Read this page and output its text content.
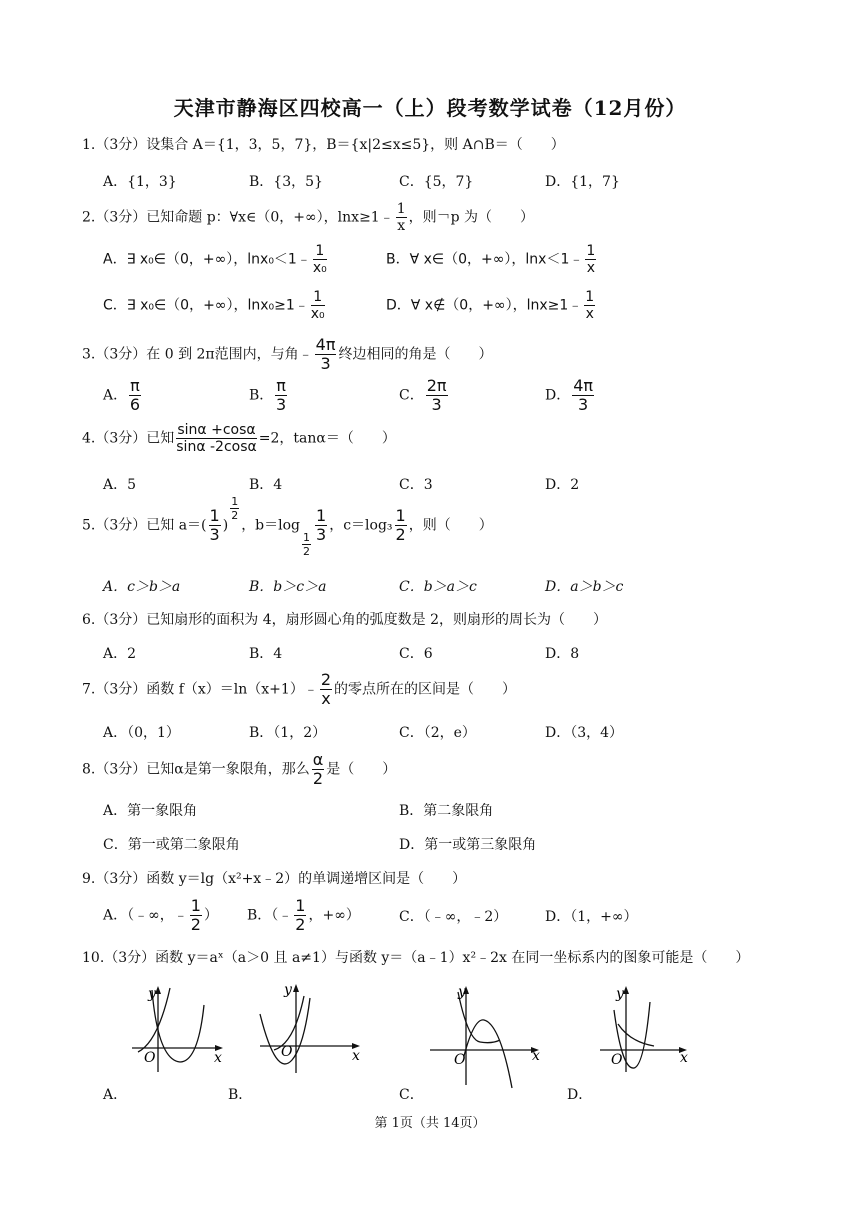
天津市静海区四校高一（上）段考数学试卷（12月份）
1.（3分）设集合 A＝{1，3，5，7}，B＝{x|2≤x≤5}，则 A∩B＝（　　）
A．{1，3}	B．{3，5}	C．{5，7}	D．{1，7}
2.（3分）已知命题 p：∀x∈（0，+∞），lnx≥1﹣ $\frac{1}{x}$ ，则￢p 为（　　）
A．∃ x₀∈（0，+∞），lnx₀＜1﹣ $\frac{1}{\text{x₀}}$	B．∀ x∈（0，+∞），lnx＜1﹣ $\frac{1}{x}$
C．∃ x₀∈（0，+∞），lnx₀≥1﹣ $\frac{1}{\text{x₀}}$	D．∀ x∉（0，+∞），lnx≥1﹣ $\frac{1}{x}$
3.（3分）在 0 到 2π范围内，与角﹣ $\frac{4\pi}{3}$ 终边相同的角是（　　）
A． $\frac{\pi}{6}$	B． $\frac{\pi}{3}$	C． $\frac{2\pi}{3}$	D． $\frac{4\pi}{3}$
4.（3分）已知 $\frac{\sin\alpha +\cos\alpha}{\sin\alpha -2\cos\alpha} =2$，tanα＝（　　）
A．5	B．4	C．3	D．2
5.（3分）已知 $a=( \frac{1}{3}$ )
$\frac{1}{2}$
，b＝log
$\frac{1}{2}$
$\frac{1}{3}$ ，$c=\log_3 \frac{1}{2}$ ，则（　　）
A．c＞b＞a	B．b＞c＞a	C．b＞a＞c	D．a＞b＞c
6.（3分）已知扇形的面积为 4，扇形圆心角的弧度数是 2，则扇形的周长为（　　）
A．2	B．4	C．6	D．8
7.（3分）函数 f（x）＝ln（x+1）﹣ $\frac{2}{x}$ 的零点所在的区间是（　　）
A．（0，1）	B．（1，2）	C．（2，e）	D．（3，4）
8.（3分）已知α是第一象限角，那么 $\frac{\alpha}{2}$ 是（　　）
A．第一象限角	B．第二象限角
C．第一或第二象限角	D．第一或第三象限角
9.（3分）函数 y＝lg（x²+x﹣2）的单调递增区间是（　　）
A．（﹣∞，﹣ $\frac{1}{2}$ ） B．（﹣ $\frac{1}{2}$ ，+∞）	C．（﹣∞，﹣2）	D．（1，+∞）
10.（3分）函数 y＝aˣ（a＞0 且 a≠1）与函数 y＝（a﹣1）x²﹣2x 在同一坐标系内的图象可能是（　　）
A．	B．	C．	D．
y
x
O
y
x
O
y
x
O
y
x
O
第 1页（共 14页）
